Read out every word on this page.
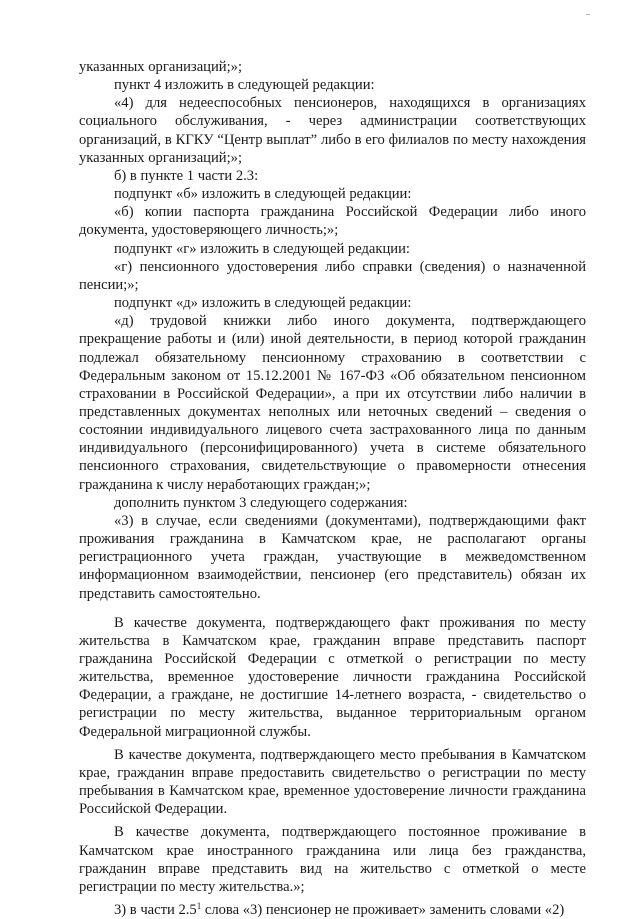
указанных организаций;»;

пункт 4 изложить в следующей редакции:

«4) для недееспособных пенсионеров, находящихся в организациях социального обслуживания, - через администрации соответствующих организаций, в КГКУ “Центр выплат” либо в его филиалов по месту нахождения указанных организаций;»;

б) в пункте 1 части 2.3:

подпункт «б» изложить в следующей редакции:

«б) копии паспорта гражданина Российской Федерации либо иного документа, удостоверяющего личность;»;

подпункт «г» изложить в следующей редакции:

«г) пенсионного удостоверения либо справки (сведения) о назначенной пенсии;»;

подпункт «д» изложить в следующей редакции:

«д) трудовой книжки либо иного документа, подтверждающего прекращение работы и (или) иной деятельности, в период которой гражданин подлежал обязательному пенсионному страхованию в соответствии с Федеральным законом от 15.12.2001 № 167-ФЗ «Об обязательном пенсионном страховании в Российской Федерации», а при их отсутствии либо наличии в представленных документах неполных или неточных сведений – сведения о состоянии индивидуального лицевого счета застрахованного лица по данным индивидуального (персонифицированного) учета в системе обязательного пенсионного страхования, свидетельствующие о правомерности отнесения гражданина к числу неработающих граждан;»;

дополнить пунктом 3 следующего содержания:

«3) в случае, если сведениями (документами), подтверждающими факт проживания гражданина в Камчатском крае, не располагают органы регистрационного учета граждан, участвующие в межведомственном информационном взаимодействии, пенсионер (его представитель) обязан их представить самостоятельно.

В качестве документа, подтверждающего факт проживания по месту жительства в Камчатском крае, гражданин вправе представить паспорт гражданина Российской Федерации с отметкой о регистрации по месту жительства, временное удостоверение личности гражданина Российской Федерации, а граждане, не достигшие 14-летнего возраста, - свидетельство о регистрации по месту жительства, выданное территориальным органом Федеральной миграционной службы.

В качестве документа, подтверждающего место пребывания в Камчатском крае, гражданин вправе предоставить свидетельство о регистрации по месту пребывания в Камчатском крае, временное удостоверение личности гражданина Российской Федерации.

В качестве документа, подтверждающего постоянное проживание в Камчатском крае иностранного гражданина или лица без гражданства, гражданин вправе представить вид на жительство с отметкой о месте регистрации по месту жительства.»;

3) в части $2.5^1$ слова «3) пенсионер не проживает» заменить словами «2)
